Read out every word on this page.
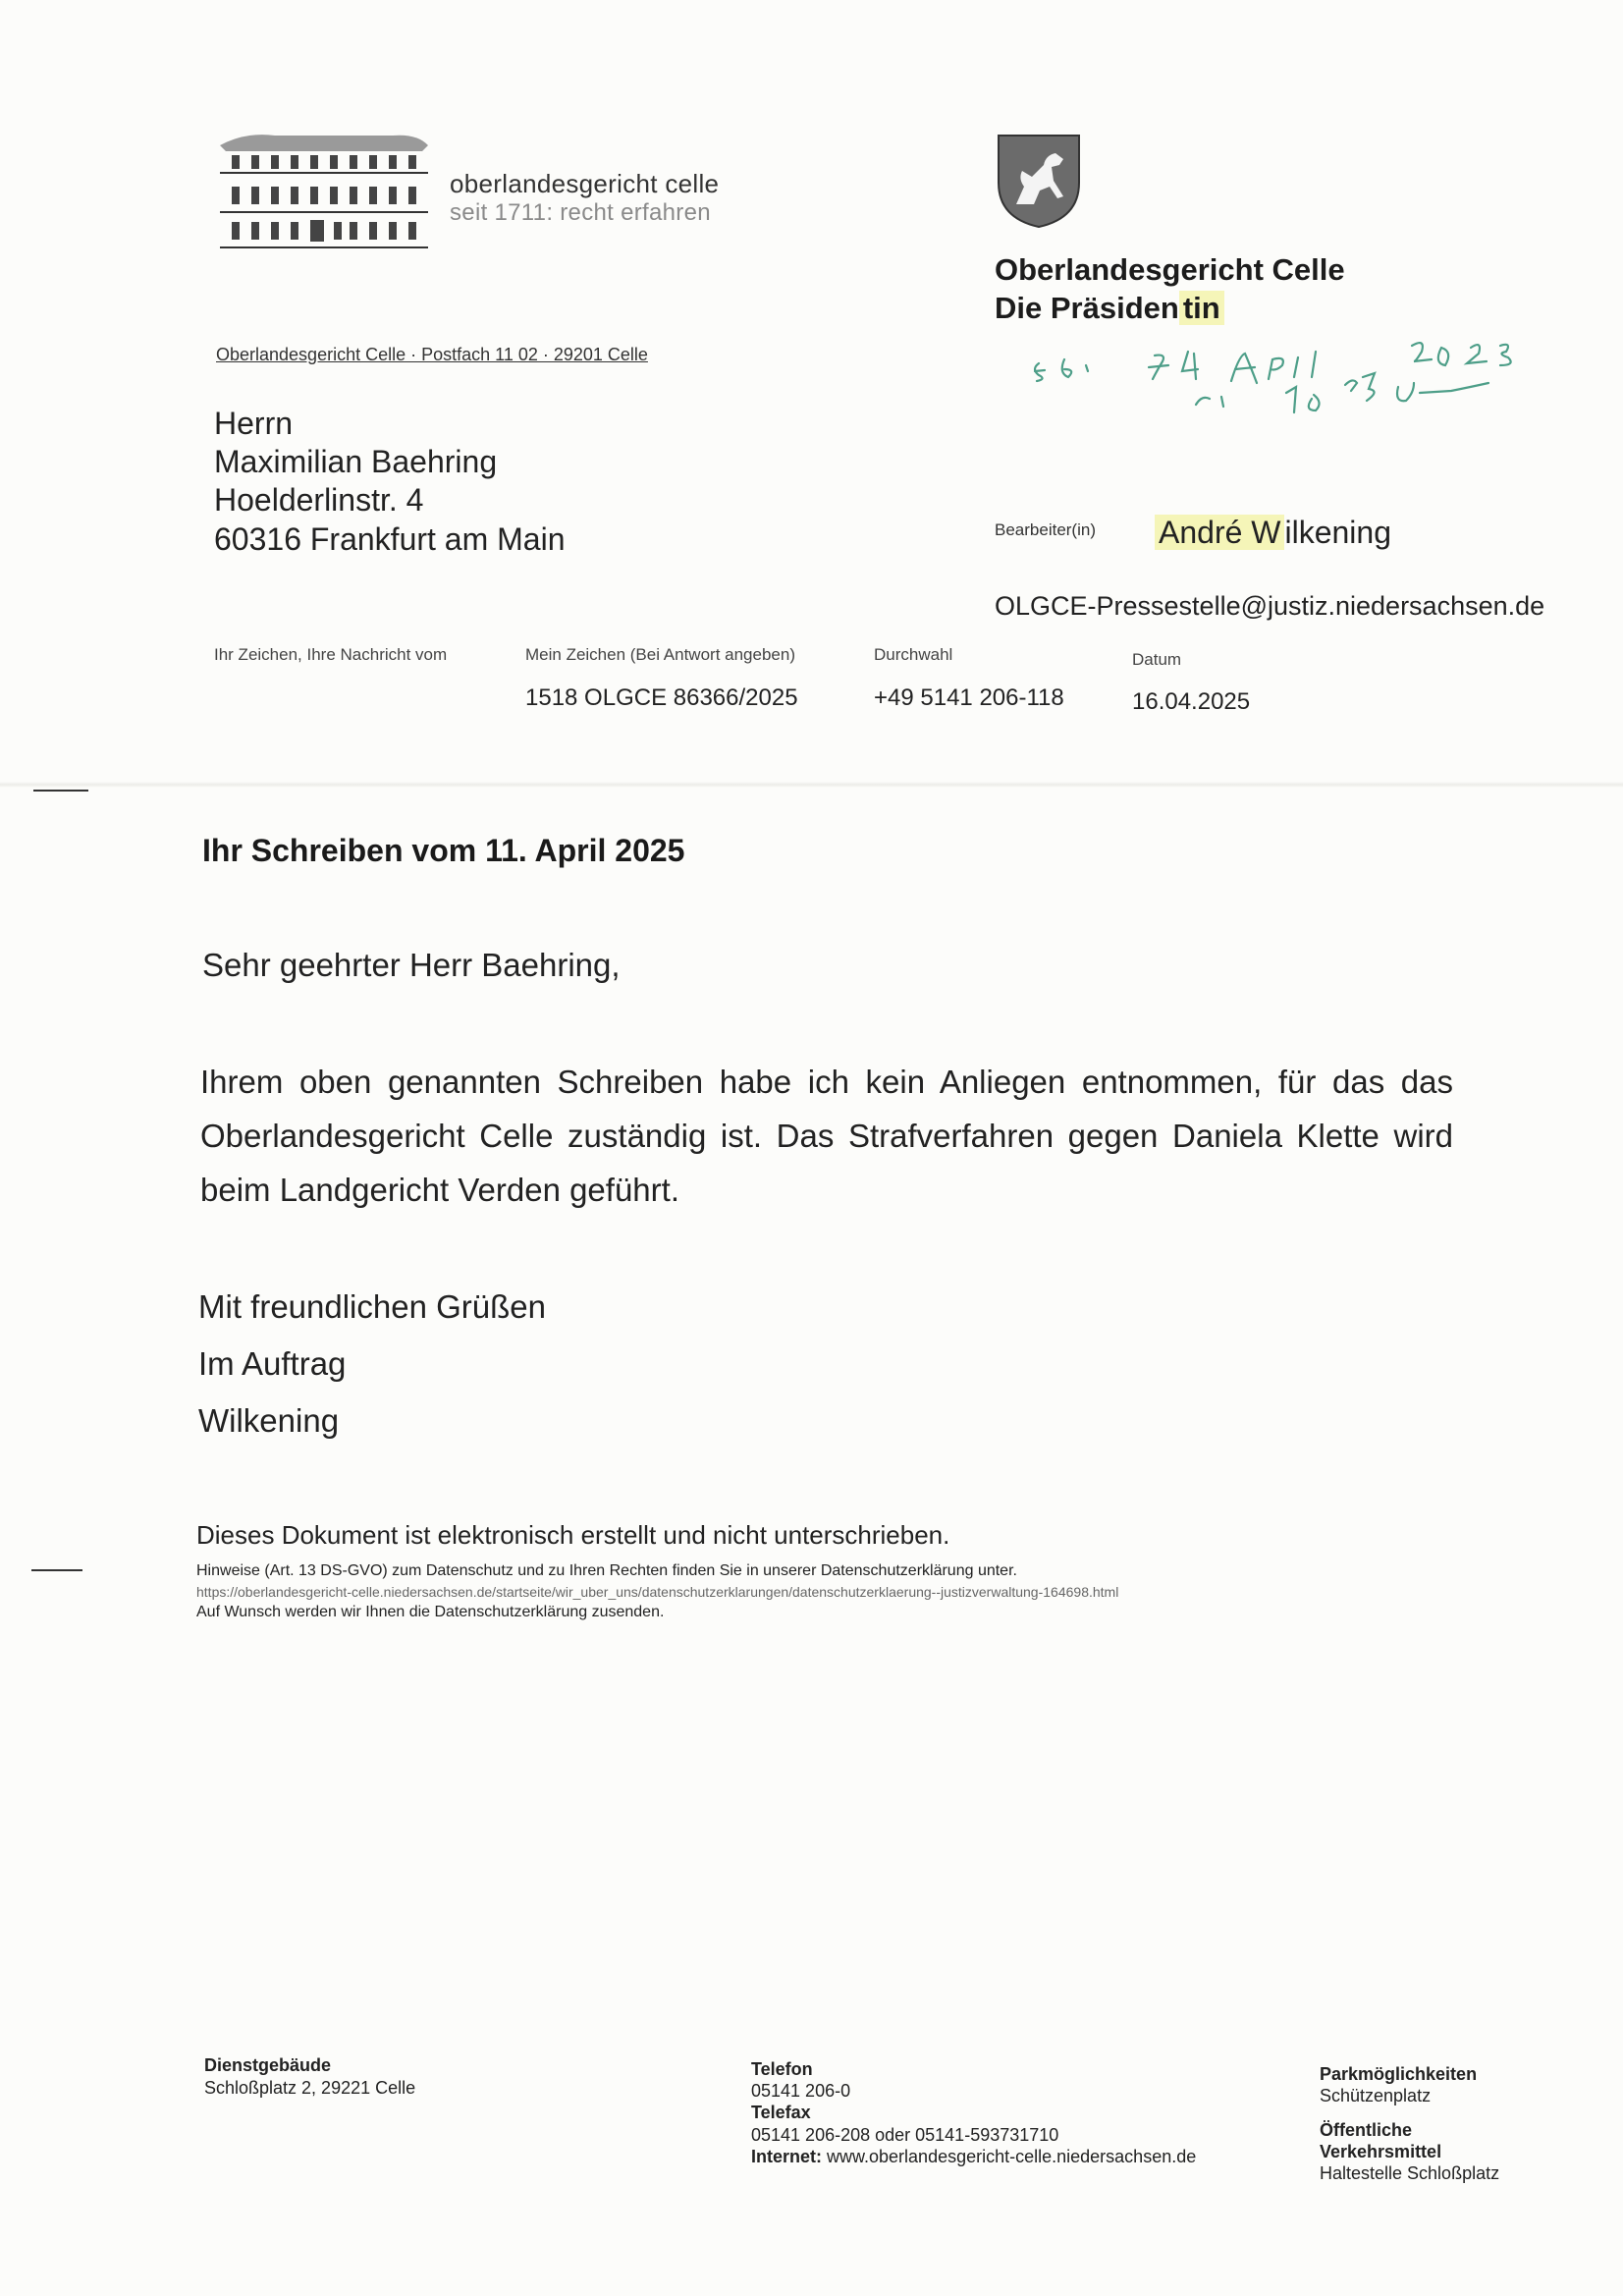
oberlandesgericht celle
seit 1711: recht erfahren
Oberlandesgericht Celle
Die Präsiden tin
Oberlandesgericht Celle · Postfach 11 02 · 29201 Celle
Herrn
Maximilian Baehring
Hoelderlinstr. 4
60316 Frankfurt am Main	Bearbeiter(in) André W ilkening
OLGCE-Pressestelle@justiz.niedersachsen.de
Ihr Zeichen, Ihre Nachricht vom	Mein Zeichen (Bei Antwort angeben)
1518 OLGCE 86366/2025
Durchwahl
+49 5141 206-118
Datum
16.04.2025
Ihr Schreiben vom 11. April 2025
Sehr geehrter Herr Baehring,
Ihrem oben genannten Schreiben habe ich kein Anliegen entnommen, für das das Oberlandesgericht Celle zuständig ist. Das Strafverfahren gegen Daniela Klette wird beim Landgericht Verden geführt.
Mit freundlichen Grüßen
Im Auftrag
Wilkening
Dieses Dokument ist elektronisch erstellt und nicht unterschrieben.
Hinweise (Art. 13 DS-GVO) zum Datenschutz und zu Ihren Rechten finden Sie in unserer Datenschutzerklärung unter.
https://oberlandesgericht-celle.niedersachsen.de/startseite/wir_uber_uns/datenschutzerklarungen/datenschutzerklaerung--justizverwaltung-164698.html
Auf Wunsch werden wir Ihnen die Datenschutzerklärung zusenden.
Dienstgebäude
Schloßplatz 2, 29221 Celle
Telefon
05141 206-0
Telefax
05141 206-208 oder 05141-593731710
Internet: www.oberlandesgericht-celle.niedersachsen.de
Parkmöglichkeiten
Schützenplatz
Öffentliche
Verkehrsmittel
Haltestelle Schloßplatz
